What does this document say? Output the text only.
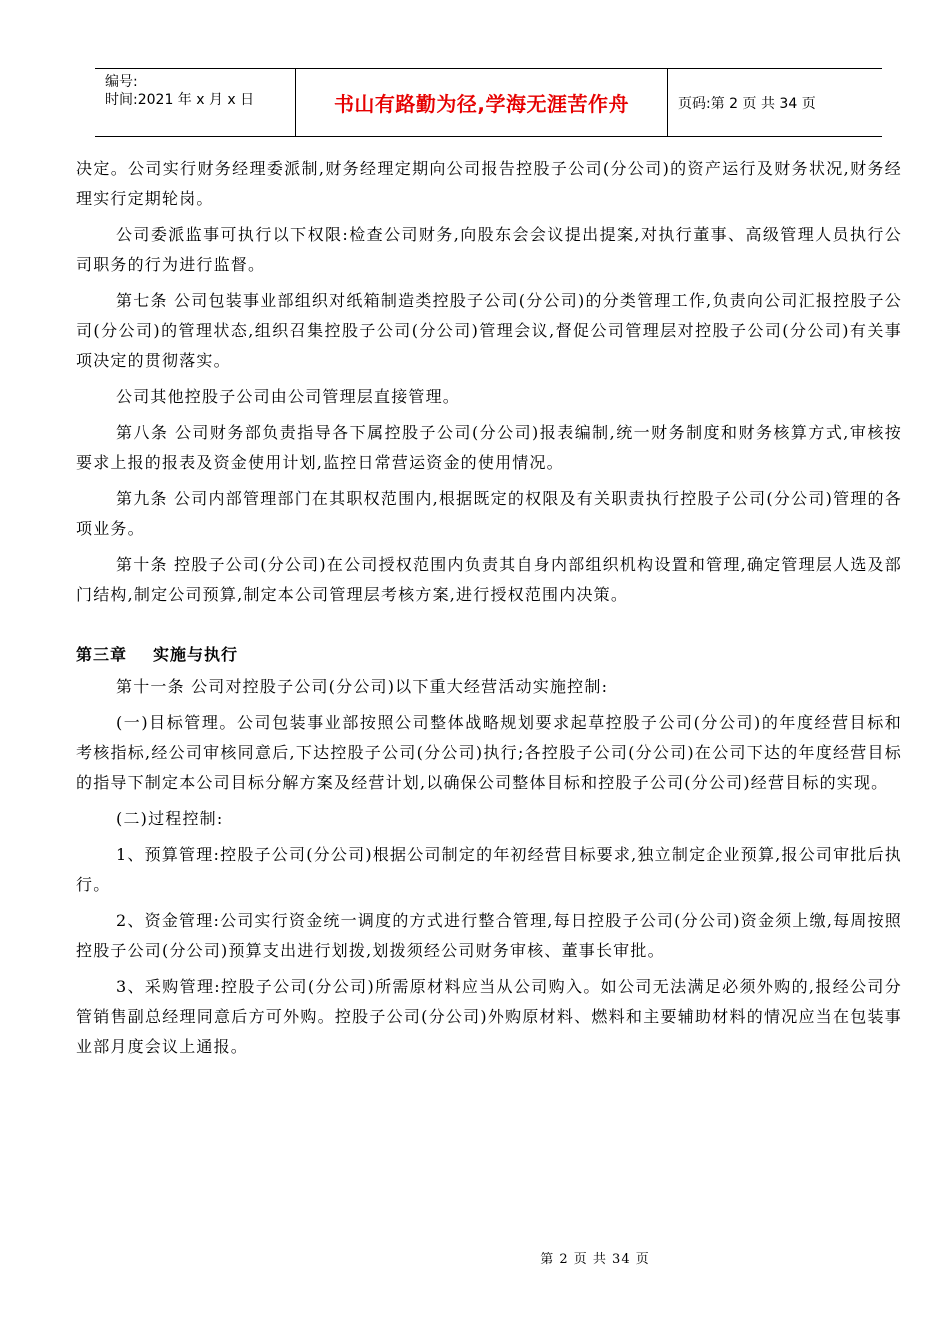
编号:
时间:2021 年 x 月 x 日	书山有路勤为径,学海无涯苦作舟	页码:第 2 页 共 34 页

决定。公司实行财务经理委派制,财务经理定期向公司报告控股子公司(分公司)的资产运行及财务状况,财务经理实行定期轮岗。

公司委派监事可执行以下权限:检查公司财务,向股东会会议提出提案,对执行董事、高级管理人员执行公司职务的行为进行监督。

第七条 公司包装事业部组织对纸箱制造类控股子公司(分公司)的分类管理工作,负责向公司汇报控股子公司(分公司)的管理状态,组织召集控股子公司(分公司)管理会议,督促公司管理层对控股子公司(分公司)有关事项决定的贯彻落实。

公司其他控股子公司由公司管理层直接管理。

第八条 公司财务部负责指导各下属控股子公司(分公司)报表编制,统一财务制度和财务核算方式,审核按要求上报的报表及资金使用计划,监控日常营运资金的使用情况。

第九条 公司内部管理部门在其职权范围内,根据既定的权限及有关职责执行控股子公司(分公司)管理的各项业务。

第十条 控股子公司(分公司)在公司授权范围内负责其自身内部组织机构设置和管理,确定管理层人选及部门结构,制定公司预算,制定本公司管理层考核方案,进行授权范围内决策。

第三章 实施与执行

第十一条 公司对控股子公司(分公司)以下重大经营活动实施控制:

(一)目标管理。公司包装事业部按照公司整体战略规划要求起草控股子公司(分公司)的年度经营目标和考核指标,经公司审核同意后,下达控股子公司(分公司)执行;各控股子公司(分公司)在公司下达的年度经营目标的指导下制定本公司目标分解方案及经营计划,以确保公司整体目标和控股子公司(分公司)经营目标的实现。

(二)过程控制:

1、预算管理:控股子公司(分公司)根据公司制定的年初经营目标要求,独立制定企业预算,报公司审批后执行。

2、资金管理:公司实行资金统一调度的方式进行整合管理,每日控股子公司(分公司)资金须上缴,每周按照控股子公司(分公司)预算支出进行划拨,划拨须经公司财务审核、董事长审批。

3、采购管理:控股子公司(分公司)所需原材料应当从公司购入。如公司无法满足必须外购的,报经公司分管销售副总经理同意后方可外购。控股子公司(分公司)外购原材料、燃料和主要辅助材料的情况应当在包装事业部月度会议上通报。

第 2 页 共 34 页
